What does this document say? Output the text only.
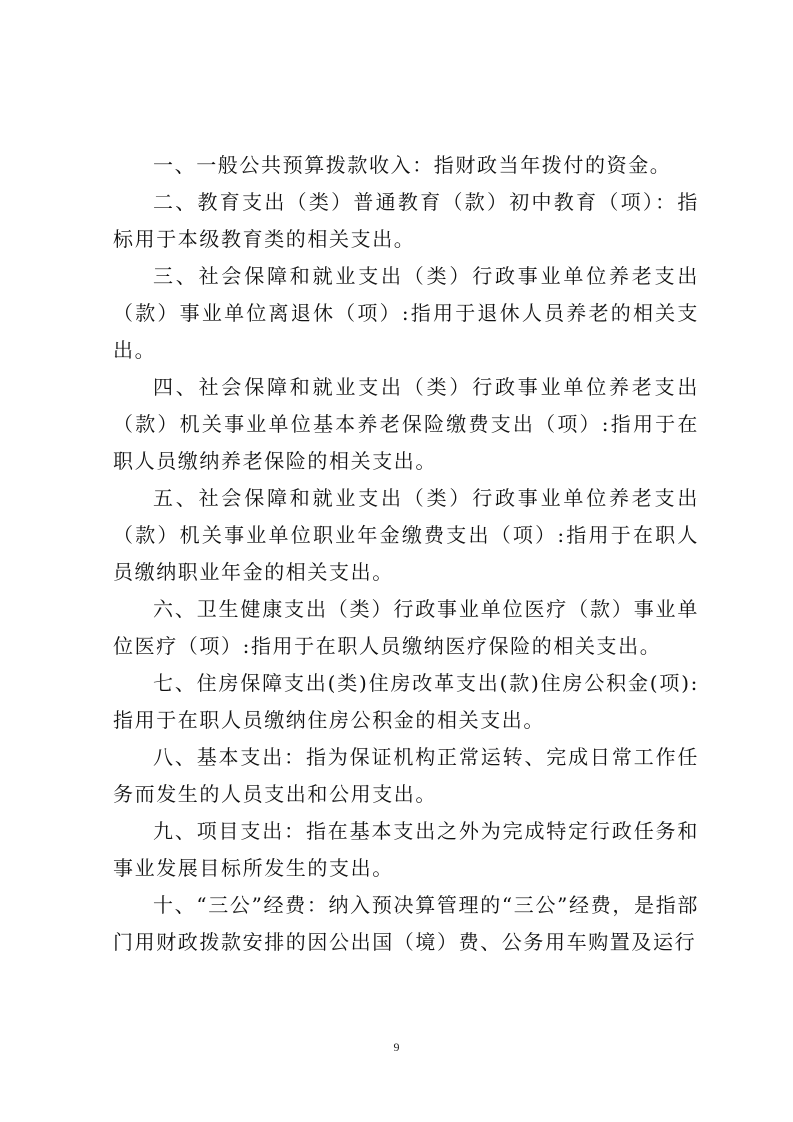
一、一般公共预算拨款收入：指财政当年拨付的资金。

二、教育支出（类）普通教育（款）初中教育（项）：指标用于本级教育类的相关支出。

三、社会保障和就业支出（类）行政事业单位养老支出（款）事业单位离退休（项）:指用于退休人员养老的相关支出。

四、社会保障和就业支出（类）行政事业单位养老支出（款）机关事业单位基本养老保险缴费支出（项）:指用于在职人员缴纳养老保险的相关支出。

五、社会保障和就业支出（类）行政事业单位养老支出（款）机关事业单位职业年金缴费支出（项）:指用于在职人员缴纳职业年金的相关支出。

六、卫生健康支出（类）行政事业单位医疗（款）事业单位医疗（项）:指用于在职人员缴纳医疗保险的相关支出。

七、住房保障支出(类)住房改革支出(款)住房公积金(项):指用于在职人员缴纳住房公积金的相关支出。

八、基本支出：指为保证机构正常运转、完成日常工作任务而发生的人员支出和公用支出。

九、项目支出：指在基本支出之外为完成特定行政任务和事业发展目标所发生的支出。

十、“三公”经费：纳入预决算管理的“三公”经费，是指部门用财政拨款安排的因公出国（境）费、公务用车购置及运行

9
